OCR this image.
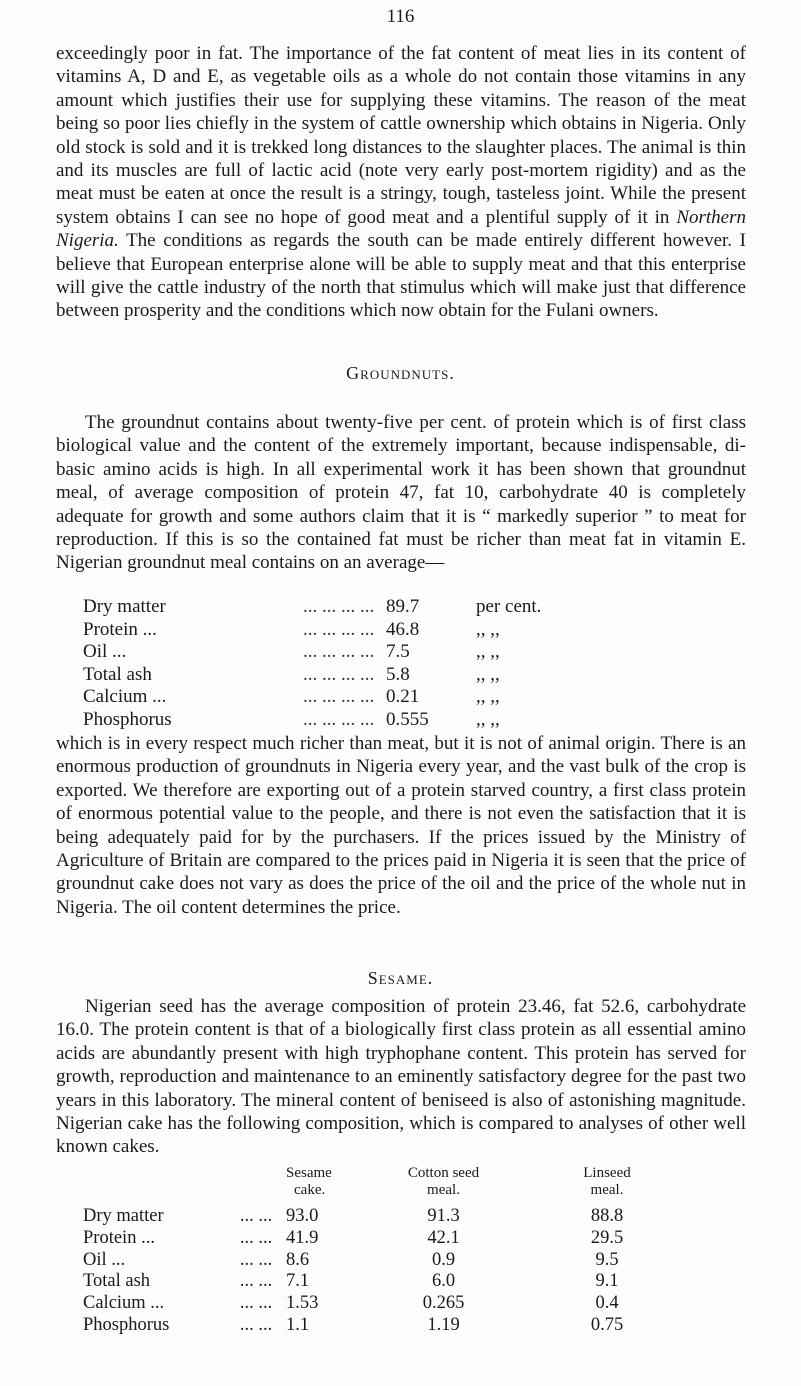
116

exceedingly poor in fat. The importance of the fat content of meat lies in its content of vitamins A, D and E, as vegetable oils as a whole do not contain those vitamins in any amount which justifies their use for supplying these vitamins. The reason of the meat being so poor lies chiefly in the system of cattle ownership which obtains in Nigeria. Only old stock is sold and it is trekked long distances to the slaughter places. The animal is thin and its muscles are full of lactic acid (note very early post-mortem rigidity) and as the meat must be eaten at once the result is a stringy, tough, tasteless joint. While the present system obtains I can see no hope of good meat and a plentiful supply of it in Northern Nigeria. The conditions as regards the south can be made entirely different however. I believe that European enterprise alone will be able to supply meat and that this enterprise will give the cattle industry of the north that stimulus which will make just that difference between prosperity and the conditions which now obtain for the Fulani owners.

Groundnuts.

The groundnut contains about twenty-five per cent. of protein which is of first class biological value and the content of the extremely important, because indispensable, di-basic amino acids is high. In all experimental work it has been shown that groundnut meal, of average composition of protein 47, fat 10, carbohydrate 40 is completely adequate for growth and some authors claim that it is “ markedly superior ” to meat for reproduction. If this is so the contained fat must be richer than meat fat in vitamin E. Nigerian groundnut meal contains on an average—

Dry matter	... ... ... ... 89.7	per cent.
Protein ...	... ... ... ... 46.8	,, ,,
Oil ...	... ... ... ... 7.5	,, ,,
Total ash	... ... ... ... 5.8	,, ,,
Calcium ...	... ... ... ... 0.21	,, ,,
Phosphorus	... ... ... ... 0.555	,, ,,

which is in every respect much richer than meat, but it is not of animal origin. There is an enormous production of groundnuts in Nigeria every year, and the vast bulk of the crop is exported. We therefore are exporting out of a protein starved country, a first class protein of enormous potential value to the people, and there is not even the satisfaction that it is being adequately paid for by the purchasers. If the prices issued by the Ministry of Agriculture of Britain are compared to the prices paid in Nigeria it is seen that the price of groundnut cake does not vary as does the price of the oil and the price of the whole nut in Nigeria. The oil content determines the price.

Sesame.

Nigerian seed has the average composition of protein 23.46, fat 52.6, carbohydrate 16.0. The protein content is that of a biologically first class protein as all essential amino acids are abundantly present with high tryphophane content. This protein has served for growth, reproduction and maintenance to an eminently satisfactory degree for the past two years in this laboratory. The mineral content of beniseed is also of astonishing magnitude. Nigerian cake has the following composition, which is compared to analyses of other well known cakes.

Sesame
cake.
Cotton seed
meal.
Linseed
meal.
Dry matter	... ... 93.0	91.3	88.8
Protein ...	... ... 41.9	42.1	29.5
Oil ...	... ... 8.6	0.9	9.5
Total ash	... ... 7.1	6.0	9.1
Calcium ...	... ... 1.53	0.265	0.4
Phosphorus	... ... 1.1	1.19	0.75
